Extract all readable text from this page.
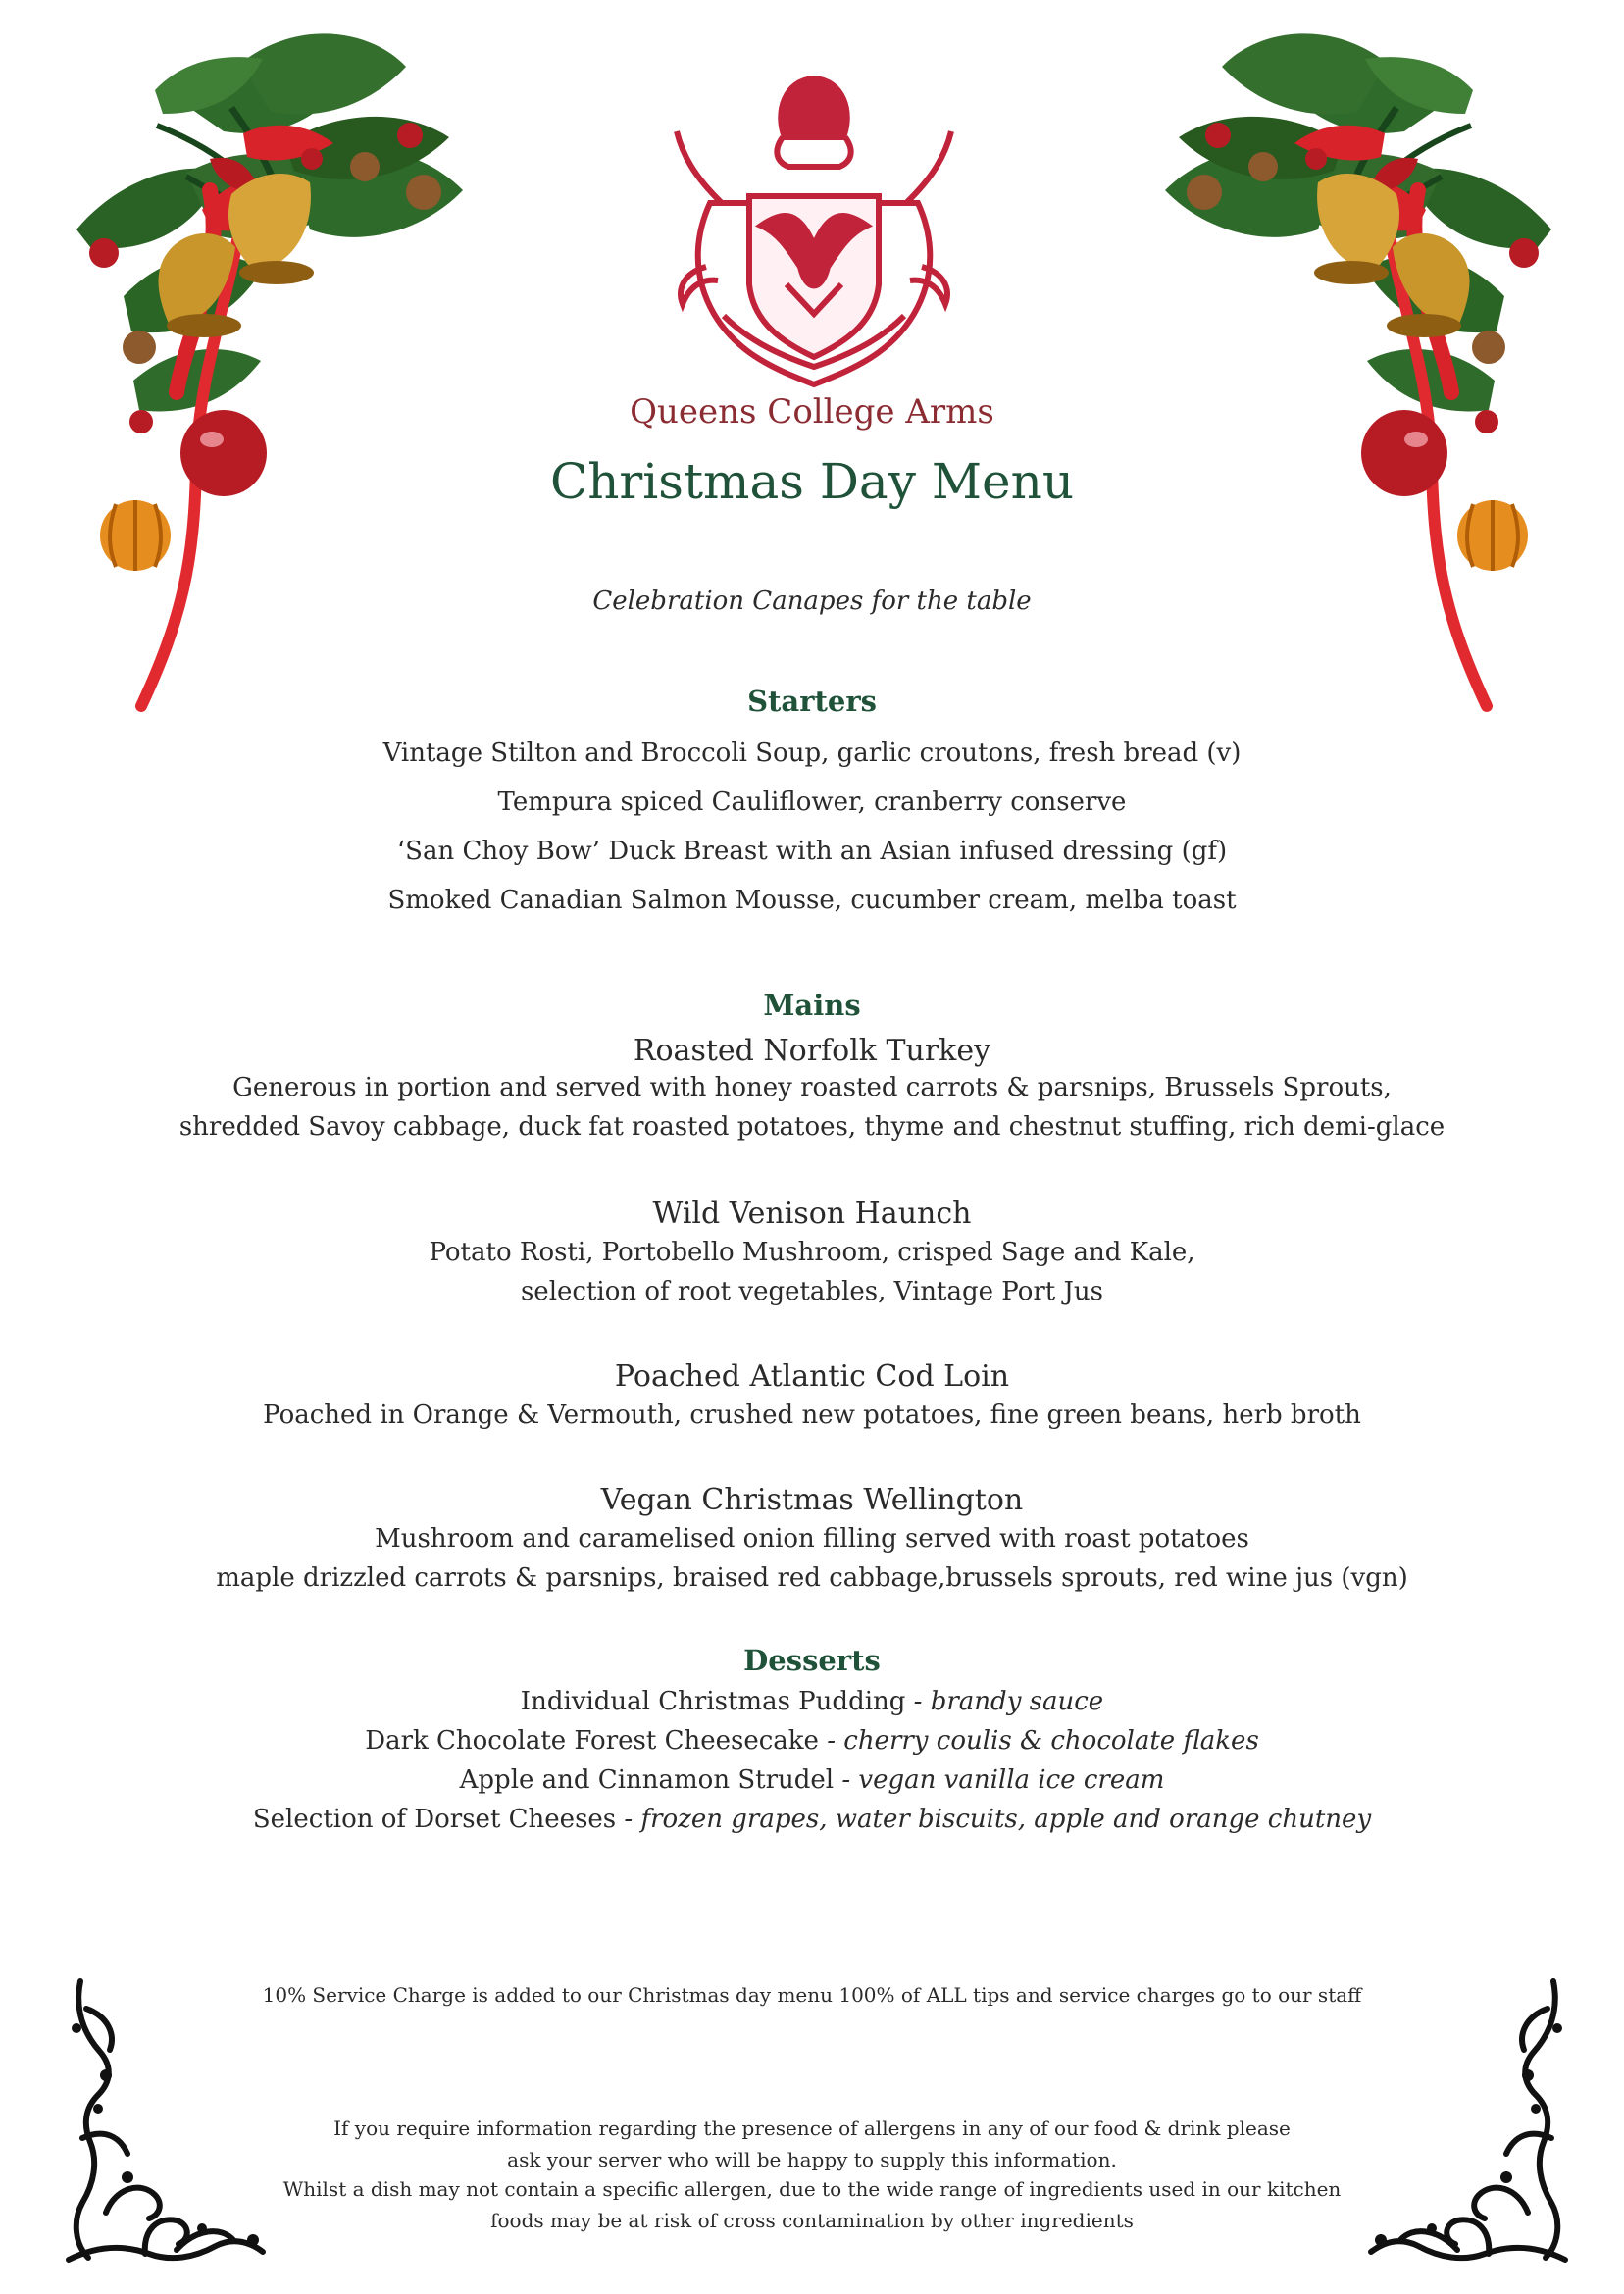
Queens College Arms
Christmas Day Menu
Celebration Canapes for the table
Starters
Vintage Stilton and Broccoli Soup, garlic croutons, fresh bread (v)
Tempura spiced Cauliflower, cranberry conserve
‘San Choy Bow’ Duck Breast with an Asian infused dressing (gf)
Smoked Canadian Salmon Mousse, cucumber cream, melba toast
Mains
Roasted Norfolk Turkey
Generous in portion and served with honey roasted carrots & parsnips, Brussels Sprouts,
shredded Savoy cabbage, duck fat roasted potatoes, thyme and chestnut stuffing, rich demi-glace
Wild Venison Haunch
Potato Rosti, Portobello Mushroom, crisped Sage and Kale,
selection of root vegetables, Vintage Port Jus
Poached Atlantic Cod Loin
Poached in Orange & Vermouth, crushed new potatoes, fine green beans, herb broth
Vegan Christmas Wellington
Mushroom and caramelised onion filling served with roast potatoes
maple drizzled carrots & parsnips, braised red cabbage,brussels sprouts, red wine jus (vgn)
Desserts
Individual Christmas Pudding - brandy sauce
Dark Chocolate Forest Cheesecake - cherry coulis & chocolate flakes
Apple and Cinnamon Strudel - vegan vanilla ice cream
Selection of Dorset Cheeses - frozen grapes, water biscuits, apple and orange chutney
10% Service Charge is added to our Christmas day menu 100% of ALL tips and service charges go to our staff
If you require information regarding the presence of allergens in any of our food & drink please
ask your server who will be happy to supply this information.
Whilst a dish may not contain a specific allergen, due to the wide range of ingredients used in our kitchen
foods may be at risk of cross contamination by other ingredients
